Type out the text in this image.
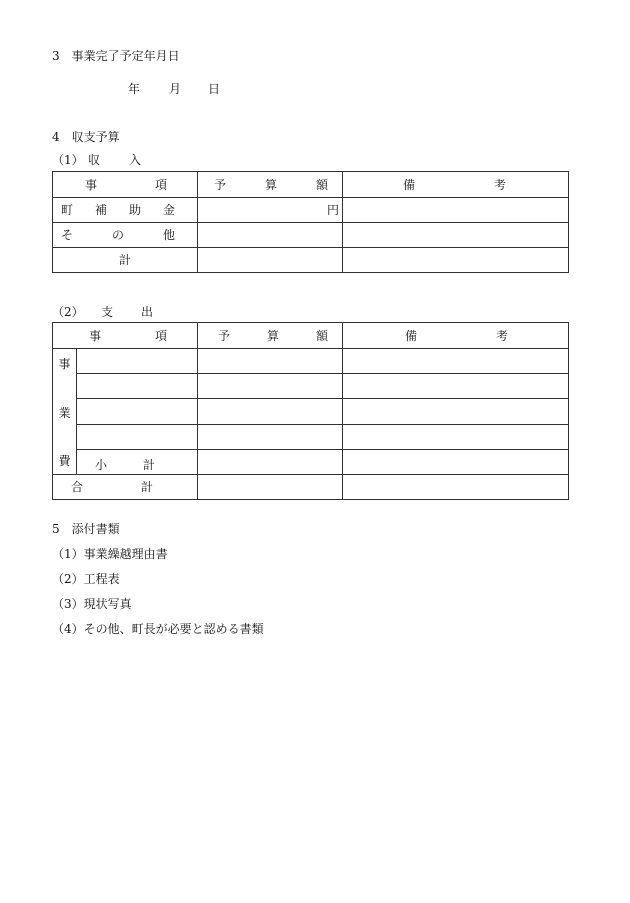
3　事業完了予定年月日
年 月 日
4　収支予算
（1） 収 入
事 項	予 算 額	備 考

町 補 助 金	円	

そ の 他		

計		
（2） 支 出
事 項		予 算 額	備 考

事
業
費			

	小 計		

合 計			

5　添付書類
（1）事業繰越理由書
（2）工程表
（3）現状写真
（4）その他、町長が必要と認める書類
